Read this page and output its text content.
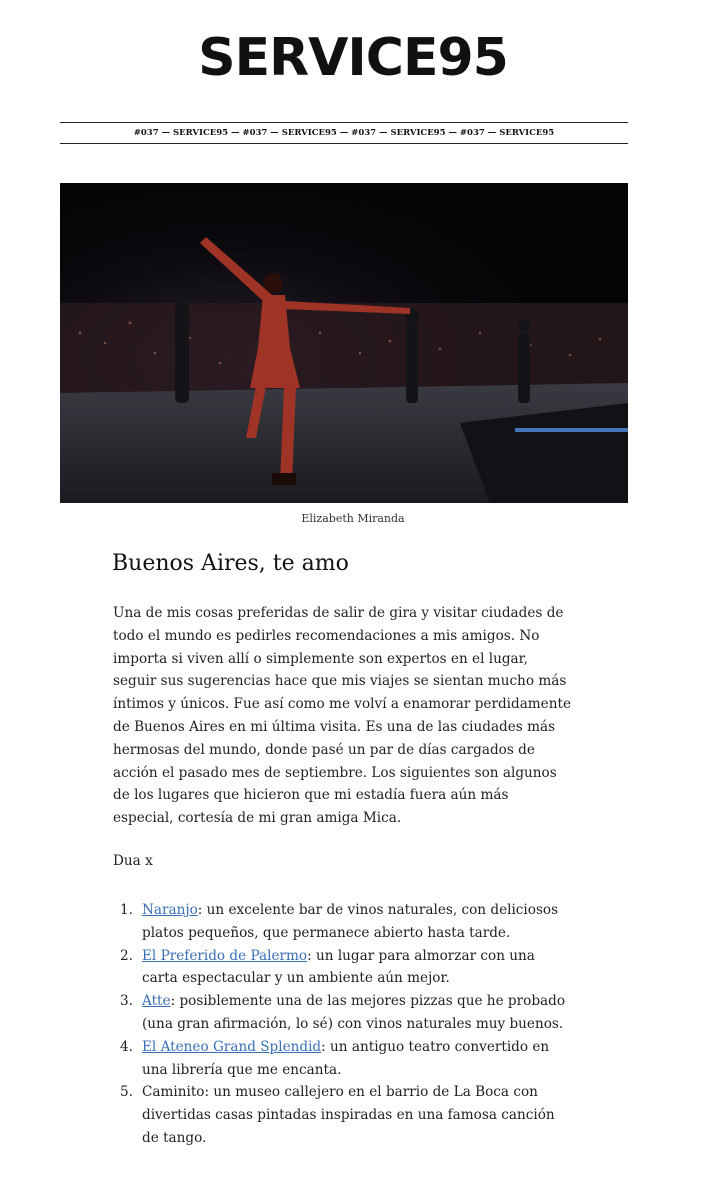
SERVICE95
#037 — SERVICE95 — #037 — SERVICE95 — #037 — SERVICE95 — #037 — SERVICE95
Elizabeth Miranda
Buenos Aires, te amo

Una de mis cosas preferidas de salir de gira y visitar ciudades de todo el mundo es pedirles recomendaciones a mis amigos. No importa si viven allí o simplemente son expertos en el lugar, seguir sus sugerencias hace que mis viajes se sientan mucho más íntimos y únicos. Fue así como me volví a enamorar perdidamente de Buenos Aires en mi última visita. Es una de las ciudades más hermosas del mundo, donde pasé un par de días cargados de acción el pasado mes de septiembre. Los siguientes son algunos de los lugares que hicieron que mi estadía fuera aún más especial, cortesía de mi gran amiga Mica.

Dua x

1. Naranjo: un excelente bar de vinos naturales, con deliciosos platos pequeños, que permanece abierto hasta tarde.
2. El Preferido de Palermo: un lugar para almorzar con una carta espectacular y un ambiente aún mejor.
3. Atte: posiblemente una de las mejores pizzas que he probado (una gran afirmación, lo sé) con vinos naturales muy buenos.
4. El Ateneo Grand Splendid: un antiguo teatro convertido en una librería que me encanta.
5. Caminito: un museo callejero en el barrio de La Boca con divertidas casas pintadas inspiradas en una famosa canción de tango.
